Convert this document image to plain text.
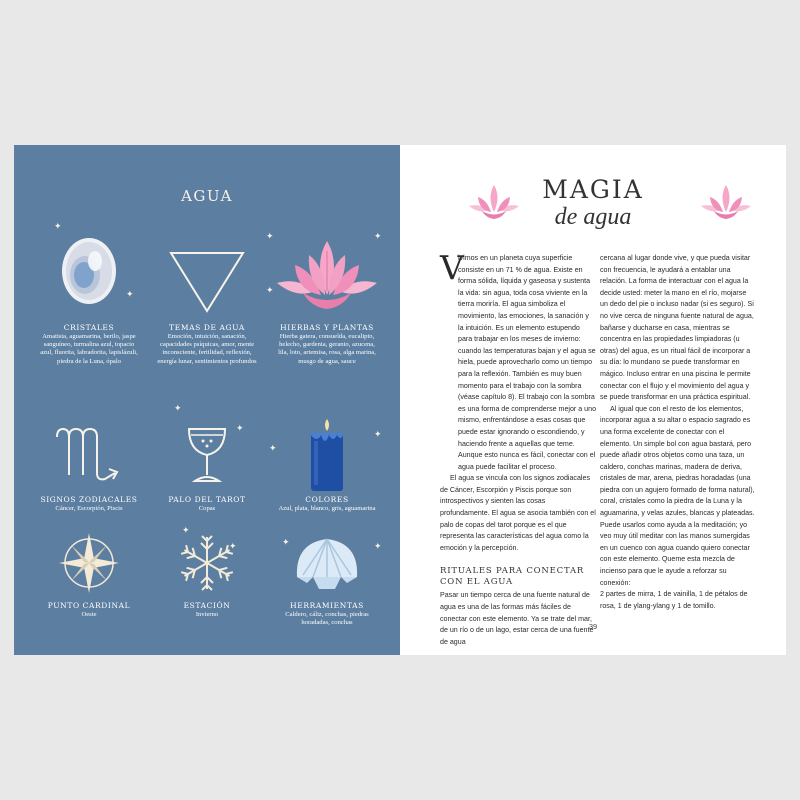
AGUA
✦
✦
✦	✦
✦
✦
✦
✦
✦
✦
✦	✦
✦
CRISTALES
Amatista, aguamarina, berilo, jaspe sanguíneo, turmalina azul, topacio azul, fluorita, labradorita, lapislázuli, piedra de la Luna, ópalo
TEMAS DE AGUA
Emoción, intuición, sanación, capacidades psíquicas, amor, mente inconsciente, fertilidad, reflexión, energía lunar, sentimientos profundos
HIERBAS Y PLANTAS
Hierba gatera, consuelda, eucalipto, helecho, gardenia, geranio, azucena, lila, loto, artemisa, rosa, alga marina, musgo de agua, sauce
SIGNOS ZODIACALES
Cáncer, Escorpión, Piscis
PALO DEL TAROT
Copas
COLORES
Azul, plata, blanco, gris, aguamarina
PUNTO CARDINAL
Oeste
ESTACIÓN
Invierno
HERRAMIENTAS
Caldero, cáliz, conchas, piedras horadadas, conchas
MAGIA
de agua
V

ivimos en un planeta cuya superficie consiste en un 71 % de agua. Existe en forma sólida, líquida y gaseosa y sustenta la vida: sin agua, toda cosa viviente en la tierra moriría. El agua simboliza el movimiento, las emociones, la sanación y la intuición. Es un elemento estupendo para trabajar en los meses de invierno: cuando las temperaturas bajan y el agua se hiela, puede aprovecharlo como un tiempo para la reflexión. También es muy buen momento para el trabajo con la sombra (véase capítulo 8). El trabajo con la sombra es una forma de comprenderse mejor a uno mismo, enfrentándose a esas cosas que puede estar ignorando o escondiendo, y haciendo frente a aquellas que teme. Aunque esto nunca es fácil, conectar con el agua puede facilitar el proceso.

El agua se vincula con los signos zodiacales de Cáncer, Escorpión y Piscis porque son introspectivos y sienten las cosas profundamente. El agua se asocia también con el palo de copas del tarot porque es el que representa las características del agua como la emoción y la percepción.

RITUALES PARA CONECTAR CON EL AGUA

Pasar un tiempo cerca de una fuente natural de agua es una de las formas más fáciles de conectar con este elemento. Ya se trate del mar, de un río o de un lago, estar cerca de una fuente de agua

cercana al lugar donde vive, y que pueda visitar con frecuencia, le ayudará a entablar una relación. La forma de interactuar con el agua la decide usted: meter la mano en el río, mojarse un dedo del pie o incluso nadar (si es seguro). Si no vive cerca de ninguna fuente natural de agua, bañarse y ducharse en casa, mientras se concentra en las propiedades limpiadoras (u otras) del agua, es un ritual fácil de incorporar a su día: lo mundano se puede transformar en mágico. Incluso entrar en una piscina le permite conectar con el flujo y el movimiento del agua y se puede transformar en una práctica espiritual.

Al igual que con el resto de los elementos, incorporar agua a su altar o espacio sagrado es una forma excelente de conectar con el elemento. Un simple bol con agua bastará, pero puede añadir otros objetos como una taza, un caldero, conchas marinas, madera de deriva, cristales de mar, arena, piedras horadadas (una piedra con un agujero formado de forma natural), coral, cristales como la piedra de la Luna y la aguamarina, y velas azules, blancas y plateadas. Puede usarlos como ayuda a la meditación; yo veo muy útil meditar con las manos sumergidas en un cuenco con agua cuando quiero conectar con este elemento. Queme esta mezcla de incienso para que le ayude a reforzar su conexión:

2 partes de mirra, 1 de vainilla, 1 de pétalos de rosa, 1 de ylang-ylang y 1 de tomillo.

39
